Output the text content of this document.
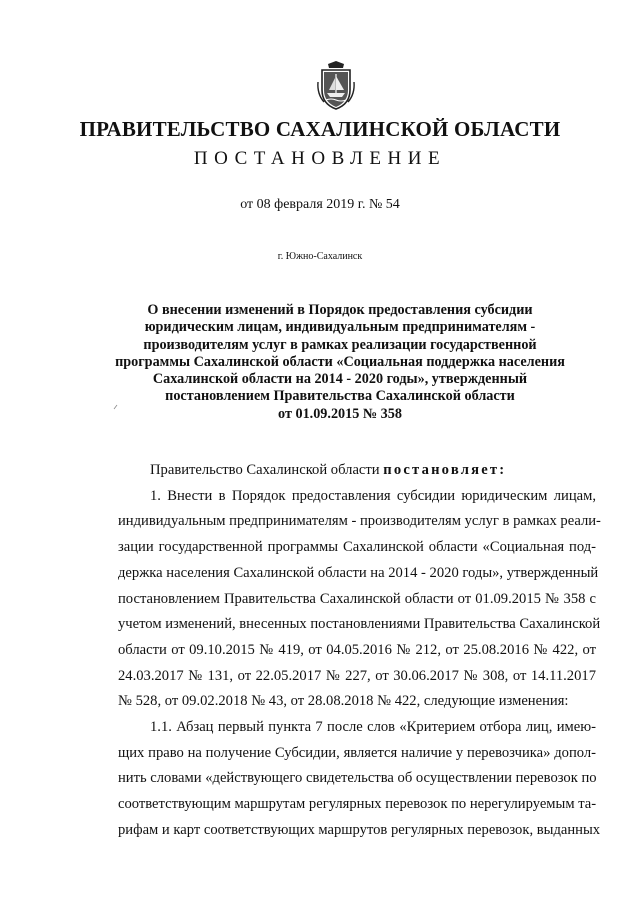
ПРАВИТЕЛЬСТВО САХАЛИНСКОЙ ОБЛАСТИ
ПОСТАНОВЛЕНИЕ
от 08 февраля 2019 г. № 54
г. Южно-Сахалинск
О внесении изменений в Порядок предоставления субсидии
юридическим лицам, индивидуальным предпринимателям -
производителям услуг в рамках реализации государственной
программы Сахалинской области «Социальная поддержка населения
Сахалинской области на 2014 - 2020 годы», утвержденный
постановлением Правительства Сахалинской области
от 01.09.2015 № 358
Правительство Сахалинской области постановляет:
1. Внести в Порядок предоставления субсидии юридическим лицам,
индивидуальным предпринимателям - производителям услуг в рамках реали-
зации государственной программы Сахалинской области «Социальная под-
держка населения Сахалинской области на 2014 - 2020 годы», утвержденный
постановлением Правительства Сахалинской области от 01.09.2015 № 358 с
учетом изменений, внесенных постановлениями Правительства Сахалинской
области от 09.10.2015 № 419, от 04.05.2016 № 212, от 25.08.2016 № 422, от
24.03.2017 № 131, от 22.05.2017 № 227, от 30.06.2017 № 308, от 14.11.2017
№ 528, от 09.02.2018 № 43, от 28.08.2018 № 422, следующие изменения:
1.1. Абзац первый пункта 7 после слов «Критерием отбора лиц, имею-
щих право на получение Субсидии, является наличие у перевозчика» допол-
нить словами «действующего свидетельства об осуществлении перевозок по
соответствующим маршрутам регулярных перевозок по нерегулируемым та-
рифам и карт соответствующих маршрутов регулярных перевозок, выданных
